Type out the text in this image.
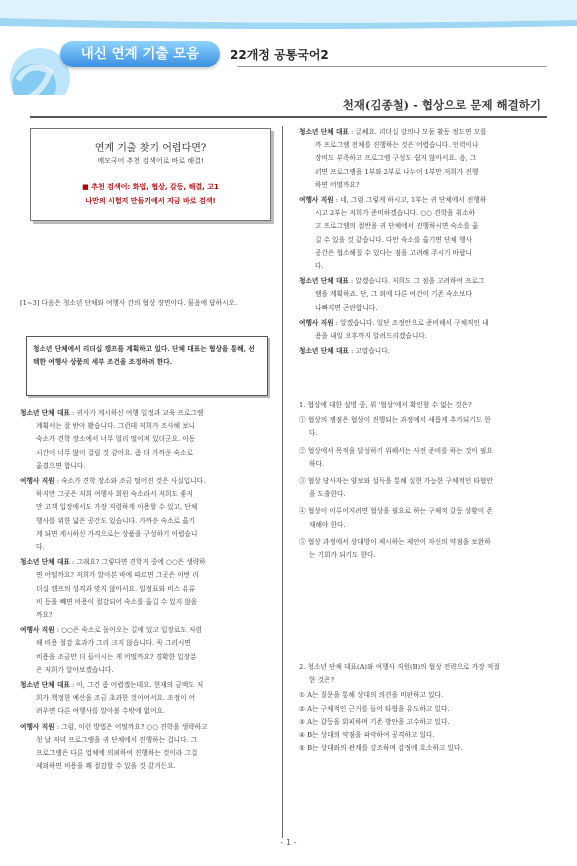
내신 연계 기출 모음	22개정 공통국어2
천재(김종철) - 협상으로 문제 해결하기
연계 기출 찾기 어렵다면?
메모국어 추천 검색어로 바로 해결!
■ 추천 검색어: 화법, 협상, 갈등, 해결, 고1
나만의 시험지 만들기에서 지금 바로 검색!
[1~3] 다음은 청소년 단체와 여행사 간의 협상 장면이다. 물음에 답하시오.
청소년 단체에서 리더십 캠프를 계획하고 있다. 단체 대표는 협상을 통해, 선택한 여행사 상품의 세부 조건을 조정하려 한다.
청소년 단체 대표 : 귀사가 게시하신 여행 일정과 교육 프로그램
계획서는 잘 받아 봤습니다. 그런데 저희가 조사해 보니
숙소가 견학 장소에서 너무 멀리 떨어져 있더군요. 이동
시간이 너무 많이 걸릴 것 같아요. 좀 더 가까운 숙소로
옮겼으면 합니다.
여행사 직원 : 숙소가 견학 장소와 조금 떨어진 것은 사실입니다.
하지만 그곳은 저희 여행사 회원 숙소라서 저희도 좋지
만 고객 입장에서도 가장 저렴하게 이용할 수 있고, 단체
행사를 위한 넓은 공간도 있습니다. 가까운 숙소로 옮기
게 되면 게시하신 가격으로는 상품을 구성하기 어렵습니
다.
청소년 단체 대표 : 그래요? 그렇다면 견학지 중에 ○○은 생략하
면 어떨까요? 저희가 알아본 바에 따르면 그곳은 이번 리
더십 캠프의 성격과 맞지 않아서요. 일정표와 비스 유류
비 등을 빼면 비용이 절감되어 숙소를 옮길 수 있지 않을
까요?
여행사 직원 : ○○은 숙소로 돌아오는 길에 있고 입장료도 저렴
해 비용 절감 효과가 그리 크지 않습니다. 꼭 그러시면
비용을 조금만 더 들이시는 게 어떨까요? 경확한 입장분
은 저희가 알아보겠습니다.
청소년 단체 대표 : 아, 그건 좀 어렵겠는데요. 현재의 금액도 저
희가 책정한 예산을 조금 초과한 것이어서요. 조정이 어
려우면 다른 여행사를 알아볼 수밖에 없어요.
여행사 직원 : 그럼, 이런 방법은 어떨까요? ○○ 견학을 생략하고
첫 날 저녁 프로그램을 귀 단체에서 진행하는 겁니다. 그
프로그램은 다른 업체에 의뢰하여 진행하는 것이라 그걸
제외하면 비용을 꽤 절감할 수 있을 것 같거든요.
청소년 단체 대표 : 글쎄요. 리더십 강의나 모둠 활동 정도면 모를
까 프로그램 전체를 진행하는 것은 어렵습니다. 인력이나
장비도 부족하고 프로그램 구성도 쉽지 않아서요. 음, 그
러면 프로그램을 1부와 2부로 나누어 1부만 저희가 진행
하면 어떨까요?
여행사 직원 : 네, 그럼 그렇게 하시고, 1부는 귀 단체에서 진행하
시고 2부는 저희가 준비하겠습니다. ○○ 견학을 취소하
고 프로그램의 절반을 귀 단체에서 진행하시면 숙소를 옮
길 수 있을 것 같습니다. 다만 숙소를 옮기면 단체 행사
공간은 협소해질 수 있다는 점을 고려해 주시기 바랍니
다.
청소년 단체 대표 : 알겠습니다. 저희도 그 점을 고려하여 프로그
램을 계획하죠. 단, 그 외에 다른 여건이 기존 숙소보다
나빠지면 곤란합니다.
여행사 직원 : 알겠습니다. 일단 조정안으로 준비해서 구체적인 내
용을 내일 오후까지 알려드리겠습니다.
청소년 단체 대표 : 고맙습니다.
1. 협상에 대한 설명 중, 위 '협상'에서 확인할 수 없는 것은?
① 협상의 쟁점은 협상이 진행되는 과정에서 새롭게 추가되기도 한
다.
② 협상에서 목적을 달성하기 위해서는 사전 준비를 하는 것이 필요
하다.
③ 협상 당사자는 양보와 설득을 통해 실현 가능한 구체적인 타협안
을 도출한다.
④ 협상이 이루어지려면 협상을 필요로 하는 구체적 갈등 상황이 존
재해야 한다.
⑤ 협상 과정에서 상대방이 제시하는 제안이 자신의 약점을 보완하
는 기회가 되기도 한다.
2. 청소년 단체 대표(A)와 여행사 직원(B)의 협상 전략으로 가장 적절
한 것은?
① A는 질문을 통해 상대의 의견을 비판하고 있다.
② A는 구체적인 근거를 들어 타협을 유도하고 있다.
③ A는 갈등을 회피하며 기존 방안을 고수하고 있다.
④ B는 상대의 약점을 파악하여 공격하고 있다.
⑤ B는 상대와의 관계를 강조하며 감정에 호소하고 있다.
- 1 -
